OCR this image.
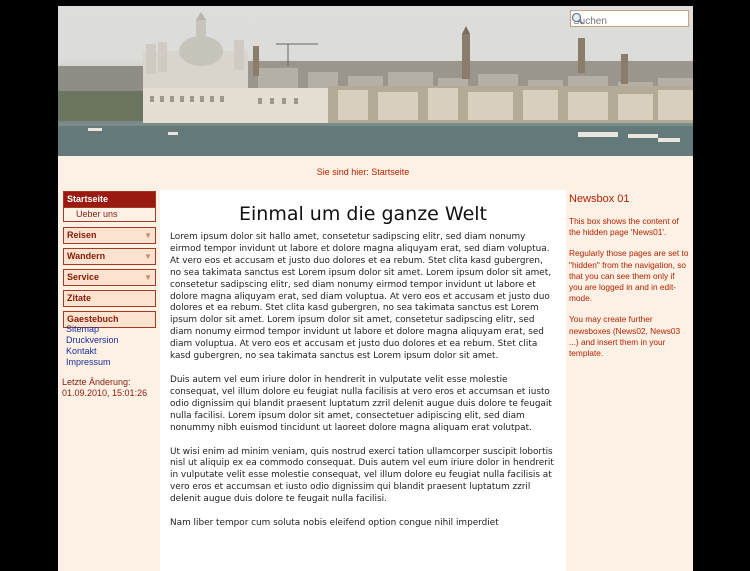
Suchen
Sie sind hier: Startseite
Startseite
Ueber uns
Reisen	▼
Wandern	▼
Service	▼
Zitate
Gaestebuch
Sitemap
Druckversion
Kontakt
Impressum
Letzte Änderung:
01.09.2010, 15:01:26
Einmal um die ganze Welt

Lorem ipsum dolor sit hallo amet, consetetur sadipscing elitr, sed diam nonumy eirmod tempor invidunt ut labore et dolore magna aliquyam erat, sed diam voluptua. At vero eos et accusam et justo duo dolores et ea rebum. Stet clita kasd gubergren, no sea takimata sanctus est Lorem ipsum dolor sit amet. Lorem ipsum dolor sit amet, consetetur sadipscing elitr, sed diam nonumy eirmod tempor invidunt ut labore et dolore magna aliquyam erat, sed diam voluptua. At vero eos et accusam et justo duo dolores et ea rebum. Stet clita kasd gubergren, no sea takimata sanctus est Lorem ipsum dolor sit amet. Lorem ipsum dolor sit amet, consetetur sadipscing elitr, sed diam nonumy eirmod tempor invidunt ut labore et dolore magna aliquyam erat, sed diam voluptua. At vero eos et accusam et justo duo dolores et ea rebum. Stet clita kasd gubergren, no sea takimata sanctus est Lorem ipsum dolor sit amet.

Duis autem vel eum iriure dolor in hendrerit in vulputate velit esse molestie consequat, vel illum dolore eu feugiat nulla facilisis at vero eros et accumsan et iusto odio dignissim qui blandit praesent luptatum zzril delenit augue duis dolore te feugait nulla facilisi. Lorem ipsum dolor sit amet, consectetuer adipiscing elit, sed diam nonummy nibh euismod tincidunt ut laoreet dolore magna aliquam erat volutpat.

Ut wisi enim ad minim veniam, quis nostrud exerci tation ullamcorper suscipit lobortis nisl ut aliquip ex ea commodo consequat. Duis autem vel eum iriure dolor in hendrerit in vulputate velit esse molestie consequat, vel illum dolore eu feugiat nulla facilisis at vero eros et accumsan et iusto odio dignissim qui blandit praesent luptatum zzril delenit augue duis dolore te feugait nulla facilisi.

Nam liber tempor cum soluta nobis eleifend option congue nihil imperdiet

Newsbox 01

This box shows the content of the hidden page 'News01'.

Regularly those pages are set to "hidden" from the navigation, so that you can see them only if you are logged in and in edit-mode.

You may create further newsboxes (News02, News03 ...) and insert them in your template.
